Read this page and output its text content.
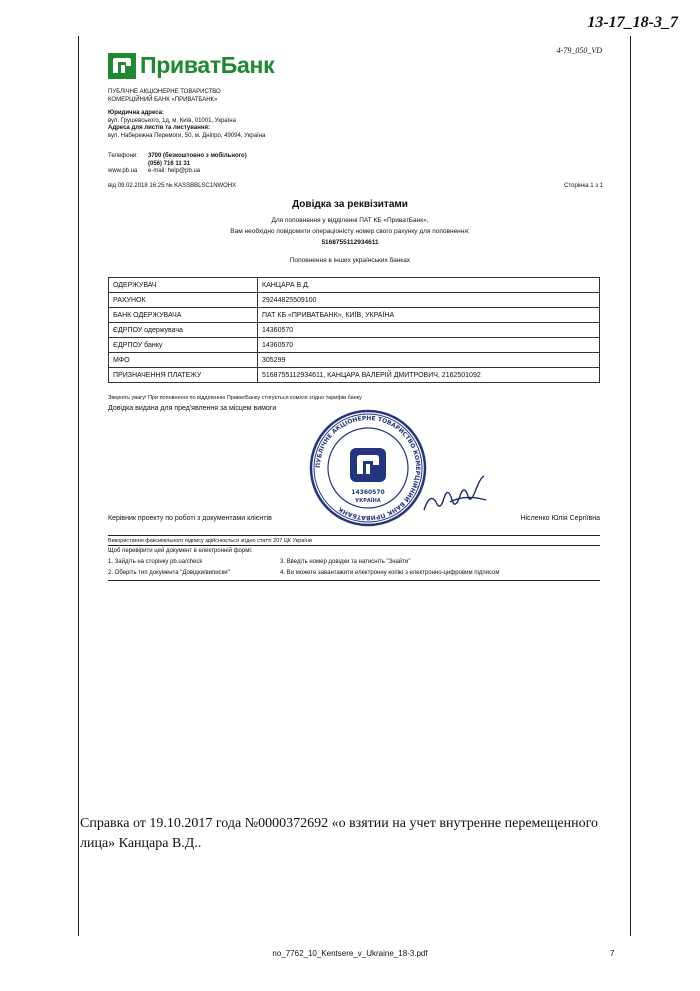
13-17_18-3_7
4-79_050_VD
ПриватБанк
ПУБЛІЧНЕ АКЦІОНЕРНЕ ТОВАРИСТВО
КОМЕРЦІЙНИЙ БАНК «ПРИВАТБАНК»
Юридична адреса:
вул. Грушевського, 1д, м. Київ, 01001, Україна
Адреса для листів та листування:
вул. Набережна Перемоги, 50, м. Дніпро, 49094, Україна
Телефони:	3700 (безкоштовно з мобільного)
(056) 716 11 31
www.pb.ua	e-mail: help@pb.ua
від 09.02.2018 16:25 № KASSBBLSC1NWOHX	Сторінка 1 з 1
Довідка за реквізитами
Для поповнення у відділенні ПАТ КБ «ПриватБанк»,
Вам необхідно повідомити операціоністу номер свого рахунку для поповнення:
5168755112934611
Поповнення в інших українських банках
ОДЕРЖУВАЧ	КАНЦАРА В.Д.
РАХУНОК	29244825509100
БАНК ОДЕРЖУВАЧА	ПАТ КБ «ПРИВАТБАНК», КИЇВ, УКРАЇНА
ЄДРПОУ одержувача	14360570
ЄДРПОУ банку	14360570
МФО	305299
ПРИЗНАЧЕННЯ ПЛАТЕЖУ	5168755112934611, КАНЦАРА ВАЛЕРІЙ ДМИТРОВИЧ, 2162501092
Зверніть увагу! При поповненні по відділенню ПриватБанку стягується комісія згідно тарифів банку
Довідка видана для пред'явлення за місцем вимоги
ПУБЛІЧНЕ АКЦІОНЕРНЕ ТОВАРИСТВО КОМЕРЦІЙНИЙ БАНК ПРИВАТБАНК
14360570
УКРАЇНА
Керівник проекту по роботі з документами клієнтів	Нісленко Юлія Сергіївна
Використання факсимільного підпису здійснюється згідно статті 207 ЦК України
Щоб перевірити цей документ в електронній формі:
1. Зайдіть на сторінку pb.ua/check
2. Оберіть тип документа "Довідки/виписки"
3. Введіть номер довідки та натисніть "Знайти"
4. Ви можете завантажити електронну копію з електронно-цифровим підписом
Справка от 19.10.2017 года №0000372692 «о взятии на учет внутренне перемещенного лица» Канцара В.Д..
no_7762_10_Kentsere_v_Ukraine_18-3.pdf	7
